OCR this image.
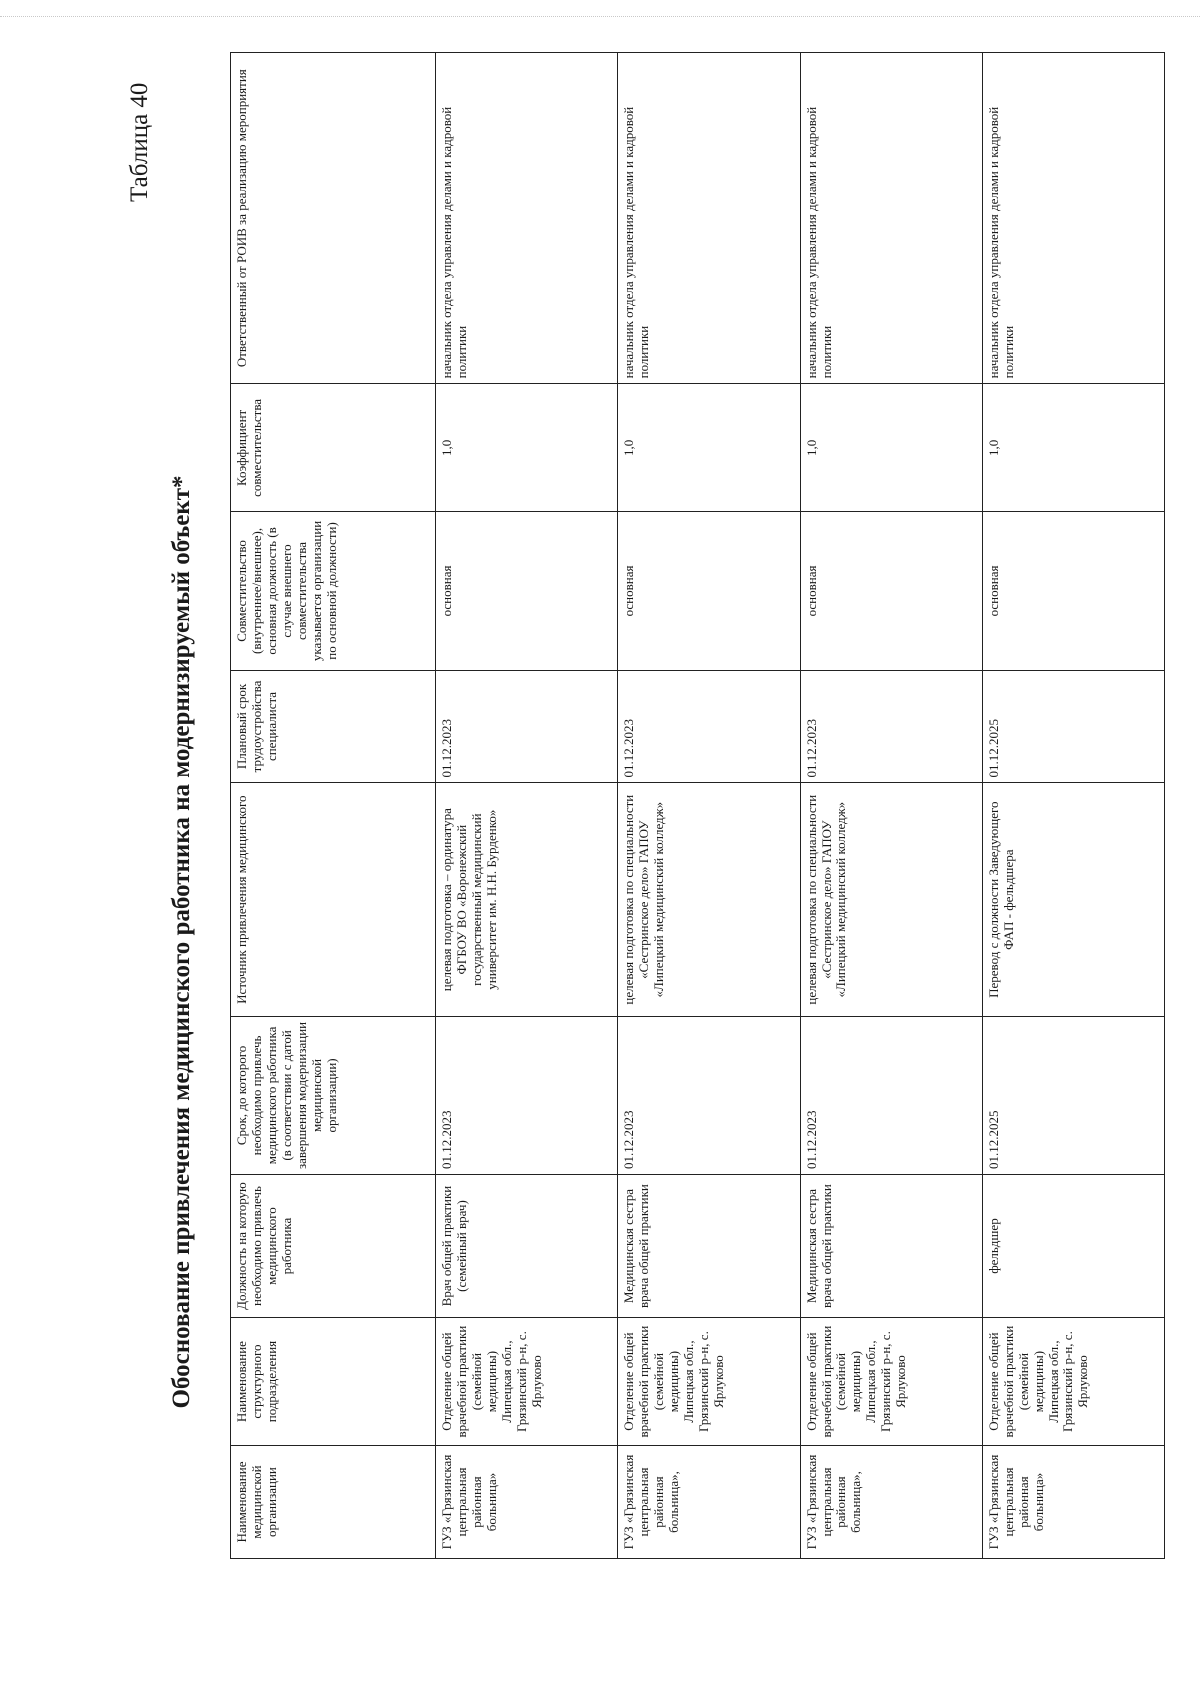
Таблица 40
Обоснование привлечения медицинского работника на модернизируемый объект*
Наименование медицинской организации	Наименование структурного подразделения	Должность на которую необходимо привлечь медицинского работника	Срок, до которого необходимо привлечь медицинского работника (в соответствии с датой завершения модернизации медицинской организации)	Источник привлечения медицинского	Плановый срок трудоустройства специалиста	Совместительство (внутреннее/внешнее), основная должность (в случае внешнего совместительства указывается организации по основной должности)	Коэффициент совместительства	Ответственный от РОИВ за реализацию мероприятия
ГУЗ «Грязинская центральная районная больница»	Отделение общей врачебной практики (семейной медицины) Липецкая обл., Грязинский р-н, с. Ярлуково	Врач общей практики (семейный врач)	01.12.2023	целевая подготовка – ординатура ФГБОУ ВО «Воронежский государственный медицинский университет им. Н.Н. Бурденко»	01.12.2023	основная	1,0	начальник отдела управления делами и кадровой политики
ГУЗ «Грязинская центральная районная больница»,	Отделение общей врачебной практики (семейной медицины) Липецкая обл., Грязинский р-н, с. Ярлуково	Медицинская сестра врача общей практики	01.12.2023	целевая подготовка по специальности «Сестринское дело» ГАПОУ «Липецкий медицинский колледж»	01.12.2023	основная	1,0	начальник отдела управления делами и кадровой политики
ГУЗ «Грязинская центральная районная больница»,	Отделение общей врачебной практики (семейной медицины) Липецкая обл., Грязинский р-н, с. Ярлуково	Медицинская сестра врача общей практики	01.12.2023	целевая подготовка по специальности «Сестринское дело» ГАПОУ «Липецкий медицинский колледж»	01.12.2023	основная	1,0	начальник отдела управления делами и кадровой политики
ГУЗ «Грязинская центральная районная больница»	Отделение общей врачебной практики (семейной медицины) Липецкая обл., Грязинский р-н, с. Ярлуково	фельдшер	01.12.2025	Перевод с должности Заведующего ФАП - фельдшера	01.12.2025	основная	1,0	начальник отдела управления делами и кадровой политики
